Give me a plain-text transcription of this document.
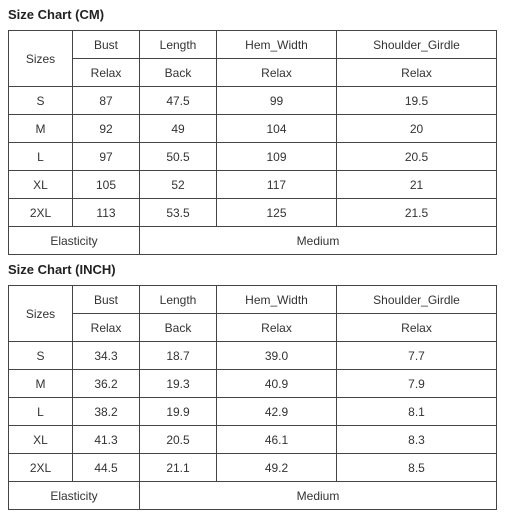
Size Chart (CM)
Sizes	Bust	Length	Hem_Width	Shoulder_Girdle
	Relax	Back	Relax	Relax
S	87	47.5	99	19.5
M	92	49	104	20
L	97	50.5	109	20.5
XL	105	52	117	21
2XL	113	53.5	125	21.5
Elasticity		Medium		
Size Chart (INCH)
Sizes	Bust	Length	Hem_Width	Shoulder_Girdle
	Relax	Back	Relax	Relax
S	34.3	18.7	39.0	7.7
M	36.2	19.3	40.9	7.9
L	38.2	19.9	42.9	8.1
XL	41.3	20.5	46.1	8.3
2XL	44.5	21.1	49.2	8.5
Elasticity		Medium		
